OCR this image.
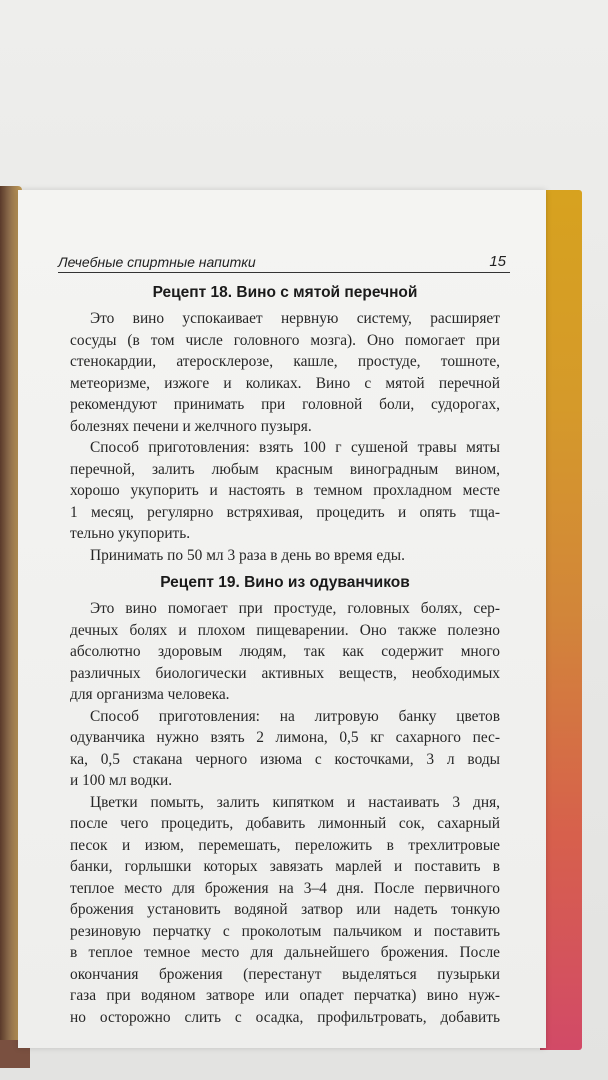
Лечебные спиртные напитки	15
Рецепт 18. Вино с мятой перечной

Это вино успокаивает нервную систему, расширяет

сосуды (в том числе головного мозга). Оно помогает при

стенокардии, атеросклерозе, кашле, простуде, тошноте,

метеоризме, изжоге и коликах. Вино с мятой перечной

рекомендуют принимать при головной боли, судорогах,

болезнях печени и желчного пузыря.

Способ приготовления: взять 100 г сушеной травы мяты

перечной, залить любым красным виноградным вином,

хорошо укупорить и настоять в темном прохладном месте

1 месяц, регулярно встряхивая, процедить и опять тща-

тельно укупорить.

Принимать по 50 мл 3 раза в день во время еды.

Рецепт 19. Вино из одуванчиков

Это вино помогает при простуде, головных болях, сер-

дечных болях и плохом пищеварении. Оно также полезно

абсолютно здоровым людям, так как содержит много

различных биологически активных веществ, необходимых

для организма человека.

Способ приготовления: на литровую банку цветов

одуванчика нужно взять 2 лимона, 0,5 кг сахарного пес-

ка, 0,5 стакана черного изюма с косточками, 3 л воды

и 100 мл водки.

Цветки помыть, залить кипятком и настаивать 3 дня,

после чего процедить, добавить лимонный сок, сахарный

песок и изюм, перемешать, переложить в трехлитровые

банки, горлышки которых завязать марлей и поставить в

теплое место для брожения на 3–4 дня. После первичного

брожения установить водяной затвор или надеть тонкую

резиновую перчатку с проколотым пальчиком и поставить

в теплое темное место для дальнейшего брожения. После

окончания брожения (перестанут выделяться пузырьки

газа при водяном затворе или опадет перчатка) вино нуж-

но осторожно слить с осадка, профильтровать, добавить
